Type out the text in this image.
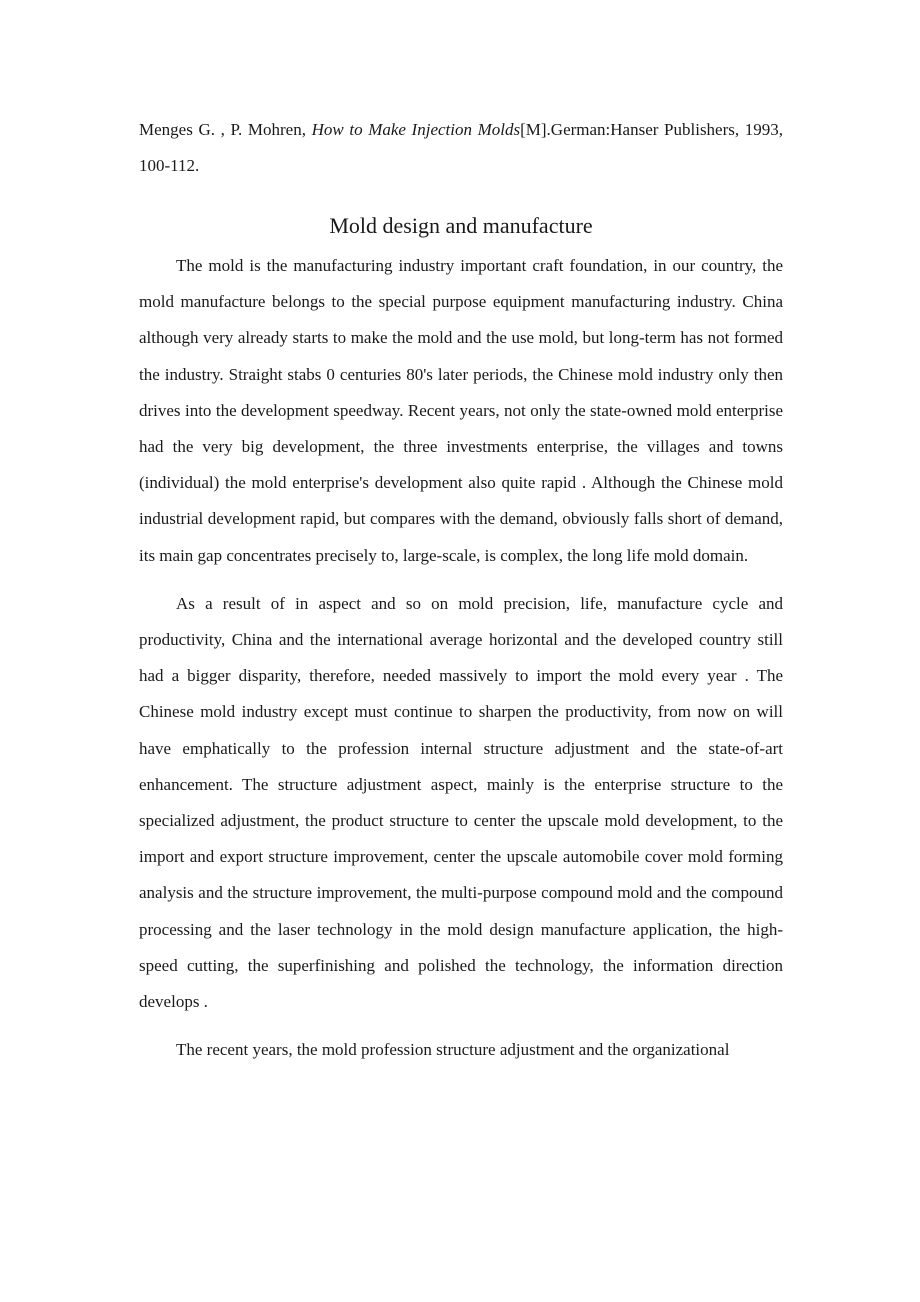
Menges G. , P. Mohren, How to Make Injection Molds[M].German:Hanser Publishers, 1993, 100-112.

Mold design and manufacture

The mold is the manufacturing industry important craft foundation, in our country, the mold manufacture belongs to the special purpose equipment manufacturing industry. China although very already starts to make the mold and the use mold, but long-term has not formed the industry. Straight stabs 0 centuries 80's later periods, the Chinese mold industry only then drives into the development speedway. Recent years, not only the state-owned mold enterprise had the very big development, the three investments enterprise, the villages and towns (individual) the mold enterprise's development also quite rapid . Although the Chinese mold industrial development rapid, but compares with the demand, obviously falls short of demand, its main gap concentrates precisely to, large-scale, is complex, the long life mold domain.

As a result of in aspect and so on mold precision, life, manufacture cycle and productivity, China and the international average horizontal and the developed country still had a bigger disparity, therefore, needed massively to import the mold every year . The Chinese mold industry except must continue to sharpen the productivity, from now on will have emphatically to the profession internal structure adjustment and the state-of-art enhancement. The structure adjustment aspect, mainly is the enterprise structure to the specialized adjustment, the product structure to center the upscale mold development, to the import and export structure improvement, center the upscale automobile cover mold forming analysis and the structure improvement, the multi-purpose compound mold and the compound processing and the laser technology in the mold design manufacture application, the high-speed cutting, the superfinishing and polished the technology, the information direction develops .

The recent years, the mold profession structure adjustment and the organizational
